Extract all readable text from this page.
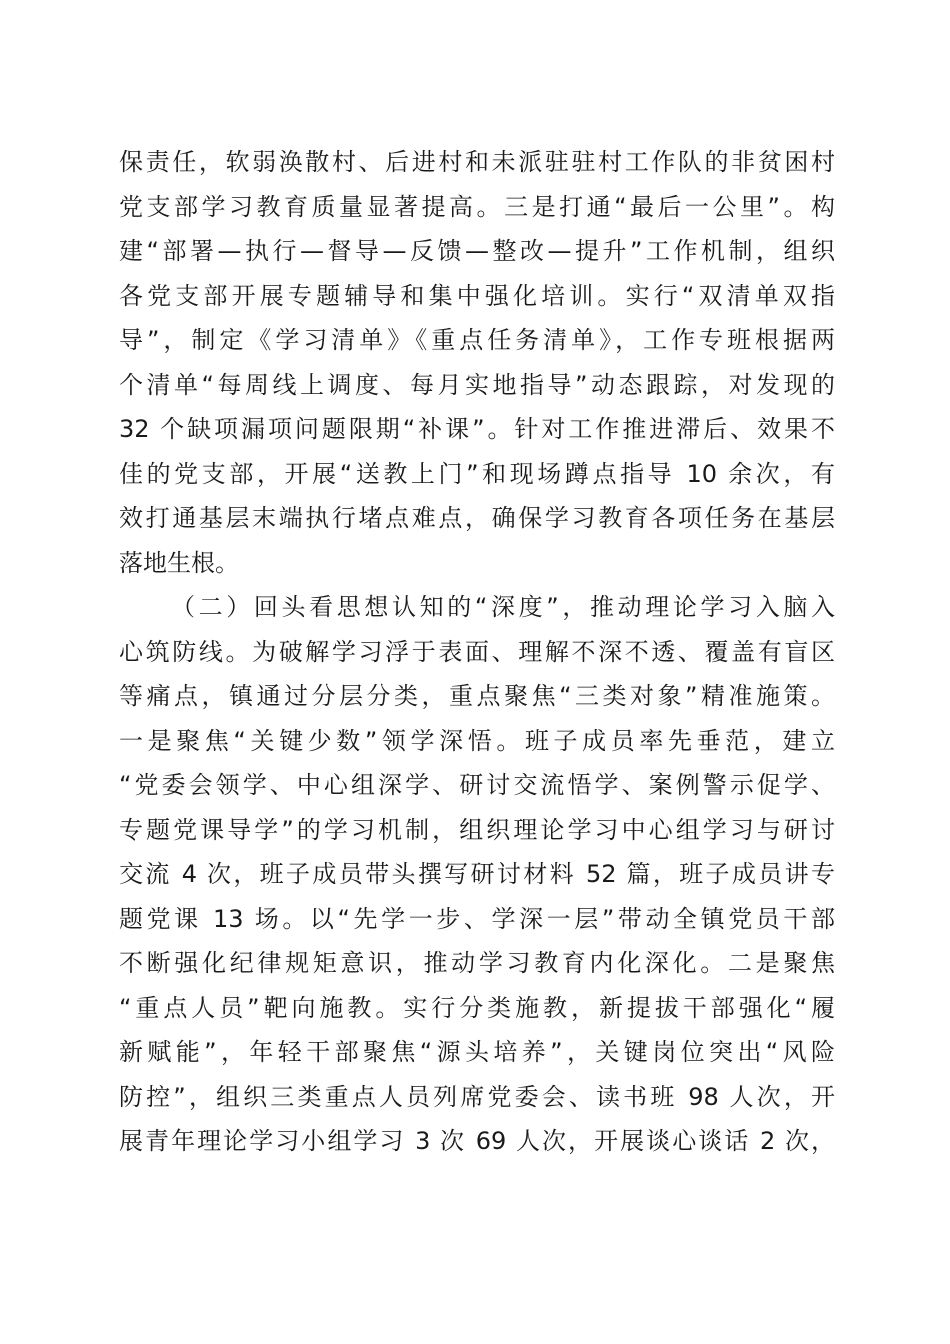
保责任，软弱涣散村、后进村和未派驻驻村工作队的非贫困村
党支部学习教育质量显著提高。三是打通“最后一公里”。构
建“部署—执行—督导—反馈—整改—提升”工作机制，组织
各党支部开展专题辅导和集中强化培训。实行“双清单双指
导”，制定《学习清单》《重点任务清单》，工作专班根据两
个清单“每周线上调度、每月实地指导”动态跟踪，对发现的
32 个缺项漏项问题限期“补课”。针对工作推进滞后、效果不
佳的党支部，开展“送教上门”和现场蹲点指导 10 余次，有
效打通基层末端执行堵点难点，确保学习教育各项任务在基层
落地生根。
（二）回头看思想认知的“深度”，推动理论学习入脑入
心筑防线。为破解学习浮于表面、理解不深不透、覆盖有盲区
等痛点，镇通过分层分类，重点聚焦“三类对象”精准施策。
一是聚焦“关键少数”领学深悟。班子成员率先垂范，建立
“党委会领学、中心组深学、研讨交流悟学、案例警示促学、
专题党课导学”的学习机制，组织理论学习中心组学习与研讨
交流 4 次，班子成员带头撰写研讨材料 52 篇，班子成员讲专
题党课 13 场。以“先学一步、学深一层”带动全镇党员干部
不断强化纪律规矩意识，推动学习教育内化深化。二是聚焦
“重点人员”靶向施教。实行分类施教，新提拔干部强化“履
新赋能”，年轻干部聚焦“源头培养”，关键岗位突出“风险
防控”，组织三类重点人员列席党委会、读书班 98 人次，开
展青年理论学习小组学习 3 次 69 人次，开展谈心谈话 2 次，
